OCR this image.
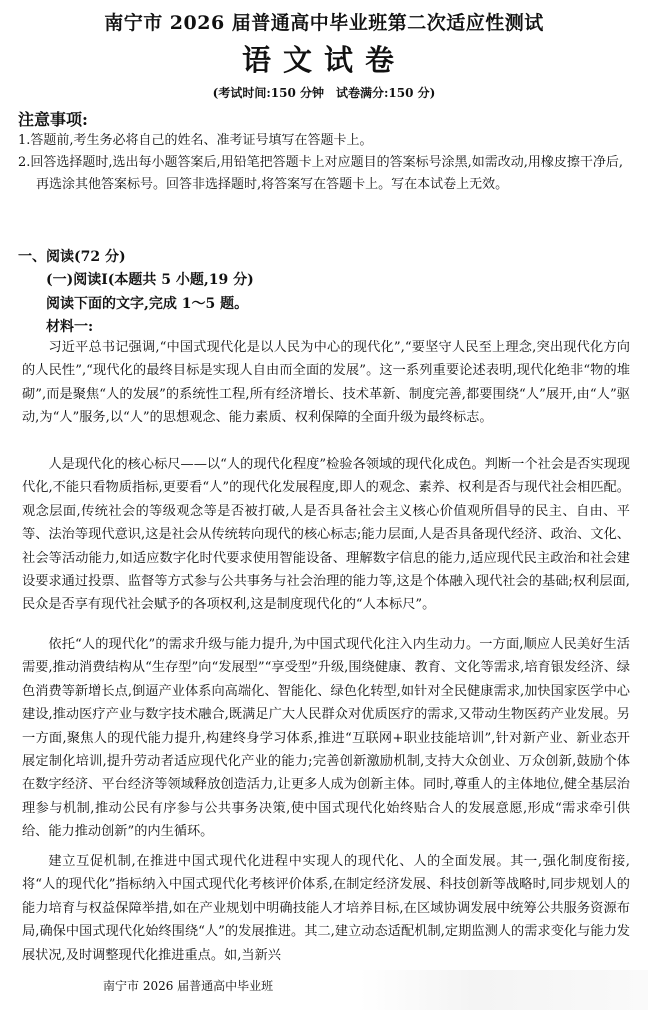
南宁市 2026 届普通高中毕业班第二次适应性测试
语文试卷
(考试时间:150 分钟　试卷满分:150 分)
注意事项:
1.答题前,考生务必将自己的姓名、准考证号填写在答题卡上。
2.回答选择题时,选出每小题答案后,用铅笔把答题卡上对应题目的答案标号涂黑,如需改动,用橡皮擦干净后,再选涂其他答案标号。回答非选择题时,将答案写在答题卡上。写在本试卷上无效。
一、阅读(72 分)
(一)阅读Ⅰ(本题共 5 小题,19 分)
阅读下面的文字,完成 1～5 题。
材料一:
习近平总书记强调,“中国式现代化是以人民为中心的现代化”,“要坚守人民至上理念,突出现代化方向的人民性”,“现代化的最终目标是实现人自由而全面的发展”。这一系列重要论述表明,现代化绝非“物的堆砌”,而是聚焦“人的发展”的系统性工程,所有经济增长、技术革新、制度完善,都要围绕“人”展开,由“人”驱动,为“人”服务,以“人”的思想观念、能力素质、权利保障的全面升级为最终标志。
人是现代化的核心标尺——以“人的现代化程度”检验各领域的现代化成色。判断一个社会是否实现现代化,不能只看物质指标,更要看“人”的现代化发展程度,即人的观念、素养、权利是否与现代社会相匹配。观念层面,传统社会的等级观念等是否被打破,人是否具备社会主义核心价值观所倡导的民主、自由、平等、法治等现代意识,这是社会从传统转向现代的核心标志;能力层面,人是否具备现代经济、政治、文化、社会等活动能力,如适应数字化时代要求使用智能设备、理解数字信息的能力,适应现代民主政治和社会建设要求通过投票、监督等方式参与公共事务与社会治理的能力等,这是个体融入现代社会的基础;权利层面,民众是否享有现代社会赋予的各项权利,这是制度现代化的“人本标尺”。
依托“人的现代化”的需求升级与能力提升,为中国式现代化注入内生动力。一方面,顺应人民美好生活需要,推动消费结构从“生存型”向“发展型”“享受型”升级,围绕健康、教育、文化等需求,培育银发经济、绿色消费等新增长点,倒逼产业体系向高端化、智能化、绿色化转型,如针对全民健康需求,加快国家医学中心建设,推动医疗产业与数字技术融合,既满足广大人民群众对优质医疗的需求,又带动生物医药产业发展。另一方面,聚焦人的现代能力提升,构建终身学习体系,推进“互联网+职业技能培训”,针对新产业、新业态开展定制化培训,提升劳动者适应现代化产业的能力;完善创新激励机制,支持大众创业、万众创新,鼓励个体在数字经济、平台经济等领域释放创造活力,让更多人成为创新主体。同时,尊重人的主体地位,健全基层治理参与机制,推动公民有序参与公共事务决策,使中国式现代化始终贴合人的发展意愿,形成“需求牵引供给、能力推动创新”的内生循环。
建立互促机制,在推进中国式现代化进程中实现人的现代化、人的全面发展。其一,强化制度衔接,将“人的现代化”指标纳入中国式现代化考核评价体系,在制定经济发展、科技创新等战略时,同步规划人的能力培育与权益保障举措,如在产业规划中明确技能人才培养目标,在区域协调发展中统筹公共服务资源布局,确保中国式现代化始终围绕“人”的发展推进。其二,建立动态适配机制,定期监测人的需求变化与能力发展状况,及时调整现代化推进重点。如,当新兴
南宁市 2026 届普通高中毕业班
